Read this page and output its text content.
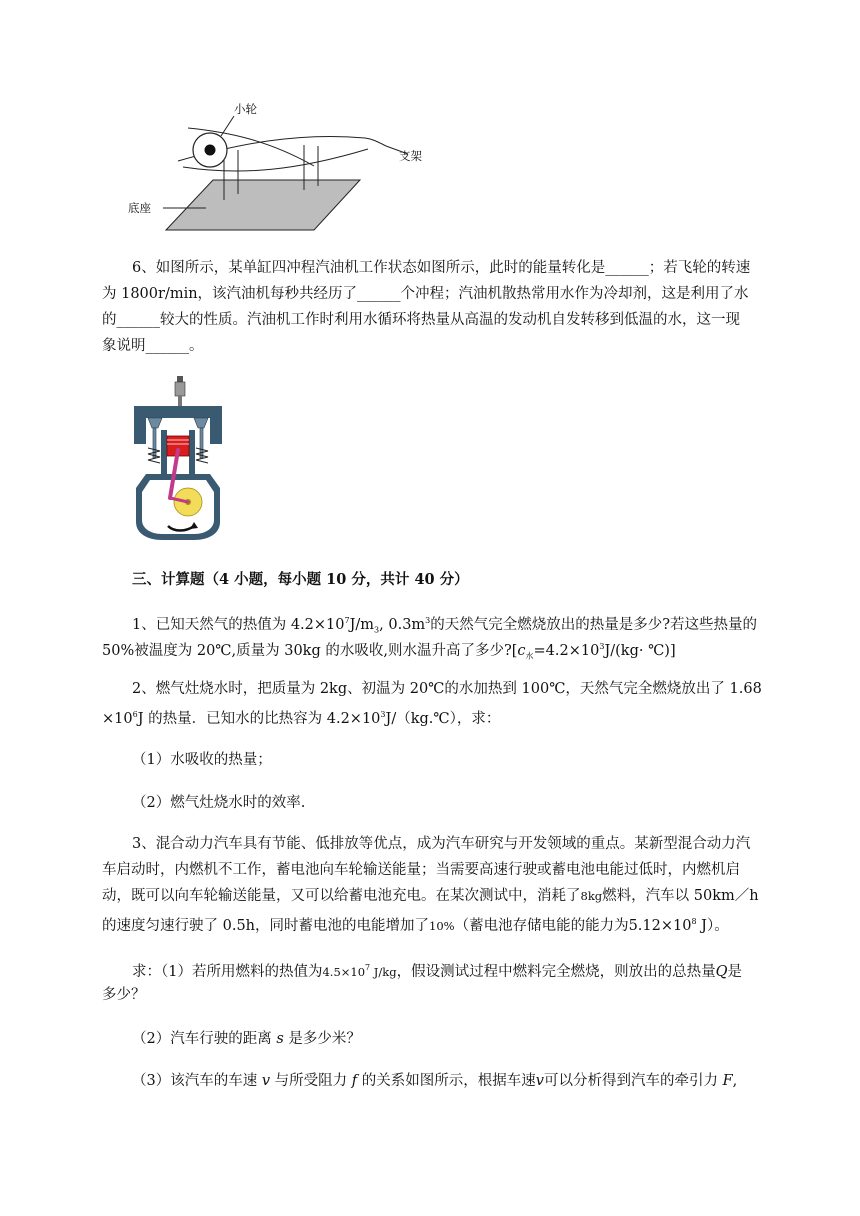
小轮
支架
底座
6、如图所示，某单缸四冲程汽油机工作状态如图所示，此时的能量转化是______；若飞轮的转速
为 1800r/min，该汽油机每秒共经历了______个冲程；汽油机散热常用水作为冷却剂，这是利用了水
的______较大的性质。汽油机工作时利用水循环将热量从高温的发动机自发转移到低温的水，这一现
象说明______。
三、计算题（4 小题，每小题 10 分，共计 40 分）
1、已知天然气的热值为 $4.2\times 10^7J/m_3$, $0.3m^3$的天然气完全燃烧放出的热量是多少?若这些热量的
50%被温度为 20℃,质量为 30kg 的水吸收,则水温升高了多少$?[c_水=4.2\times 10^3J/(kg\cdot$ ℃)]
2、燃气灶烧水时，把质量为 2kg、初温为 20℃的水加热到 100℃，天然气完全燃烧放出了 1.68
$\times 10^6J$ 的热量．已知水的比热容为 $4.2\times 10^3J/(kg.℃)$，求：
（1）水吸收的热量；
（2）燃气灶烧水时的效率.
3、混合动力汽车具有节能、低排放等优点，成为汽车研究与开发领域的重点。某新型混合动力汽
车启动时，内燃机不工作，蓄电池向车轮输送能量；当需要高速行驶或蓄电池电能过低时，内燃机启
动，既可以向车轮输送能量，又可以给蓄电池充电。在某次测试中，消耗了8kg燃料，汽车以 50km／h
的速度匀速行驶了 0.5h，同时蓄电池的电能增加了10%（蓄电池存储电能的能力为$5.12\times 10^8$ J）。
求：（1）若所用燃料的热值为$4.5\times 10^7$ J/kg，假设测试过程中燃料完全燃烧，则放出的总热量Q是
多少？
（2）汽车行驶的距离 s 是多少米？
（3）该汽车的车速 v 与所受阻力 f 的关系如图所示，根据车速v可以分析得到汽车的牵引力 F,
